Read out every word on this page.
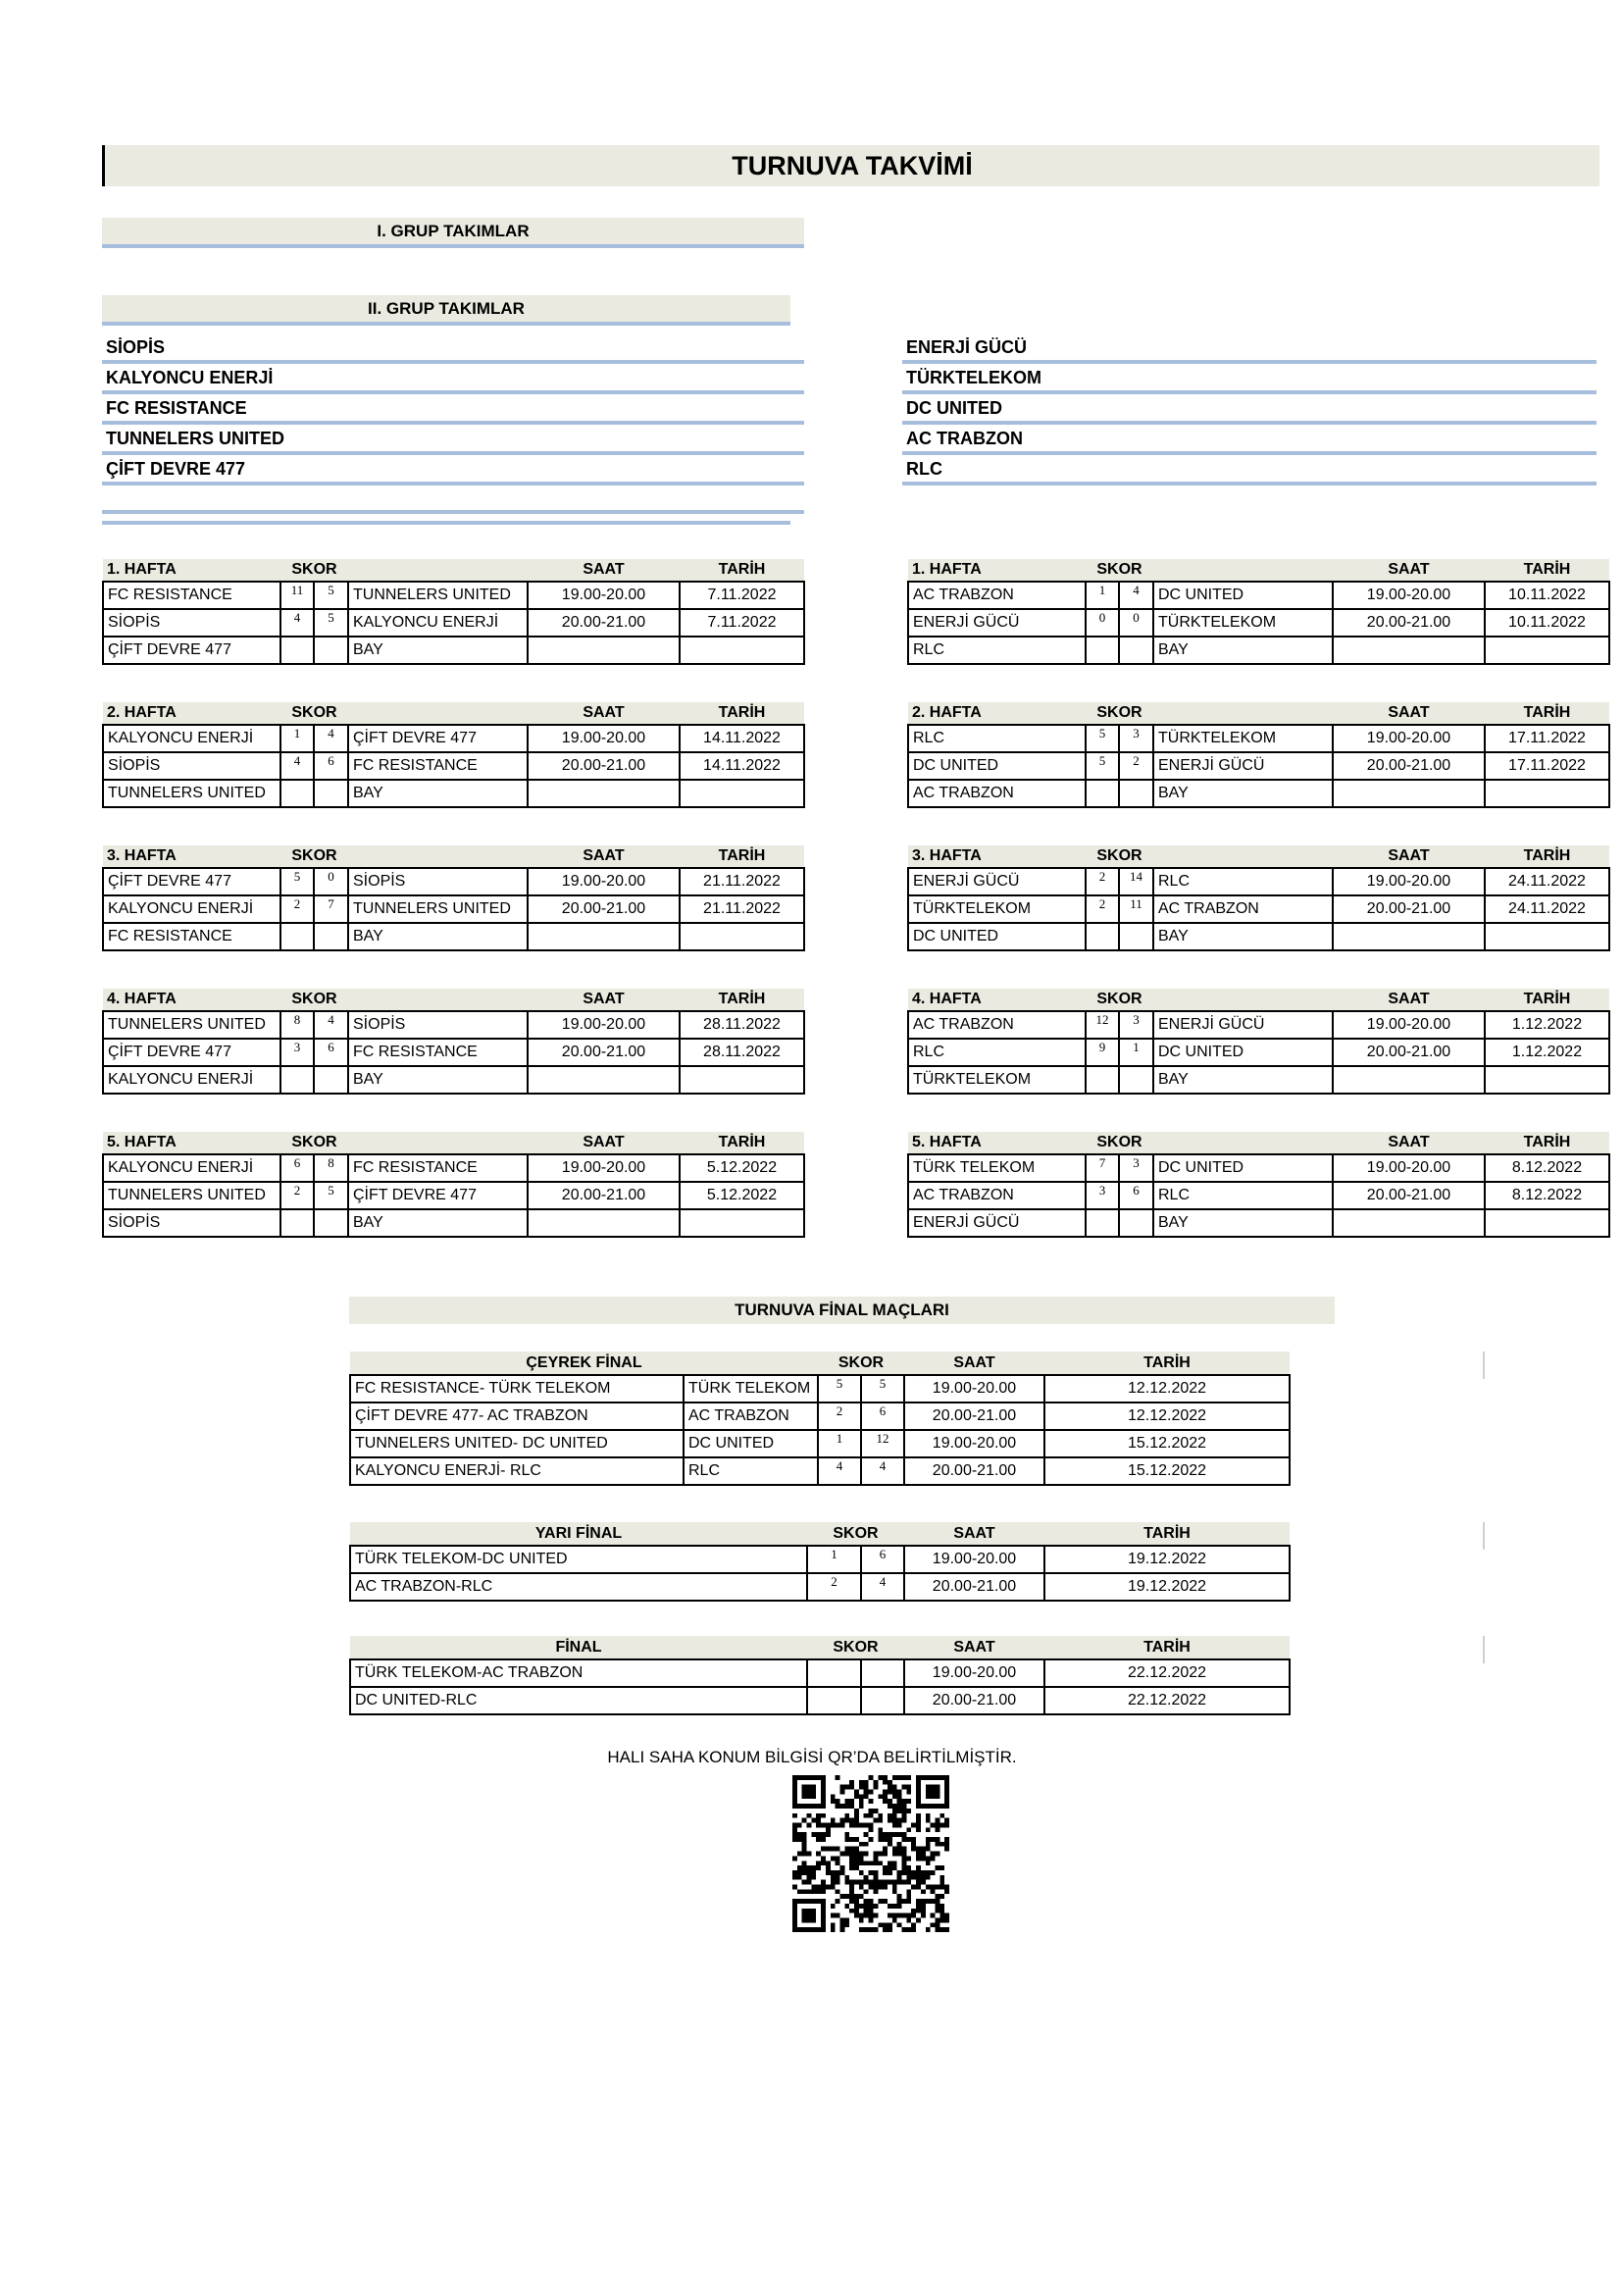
TURNUVA TAKVİMİ
I. GRUP TAKIMLAR
II. GRUP TAKIMLAR
SİOPİS
KALYONCU ENERJİ
FC RESISTANCE
TUNNELERS UNITED
ÇİFT DEVRE 477
ENERJİ GÜCÜ
TÜRKTELEKOM
DC UNITED
AC TRABZON
RLC
1. HAFTA	SKOR			SAAT	TARİH
FC RESISTANCE	11	5	TUNNELERS UNITED	19.00-20.00	7.11.2022
SİOPİS	4	5	KALYONCU ENERJİ	20.00-21.00	7.11.2022
ÇİFT DEVRE 477			BAY		
2. HAFTA	SKOR			SAAT	TARİH
KALYONCU ENERJİ	1	4	ÇİFT DEVRE 477	19.00-20.00	14.11.2022
SİOPİS	4	6	FC RESISTANCE	20.00-21.00	14.11.2022
TUNNELERS UNITED			BAY		
3. HAFTA	SKOR			SAAT	TARİH
ÇİFT DEVRE 477	5	0	SİOPİS	19.00-20.00	21.11.2022
KALYONCU ENERJİ	2	7	TUNNELERS UNITED	20.00-21.00	21.11.2022
FC RESISTANCE			BAY		
4. HAFTA	SKOR			SAAT	TARİH
TUNNELERS UNITED	8	4	SİOPİS	19.00-20.00	28.11.2022
ÇİFT DEVRE 477	3	6	FC RESISTANCE	20.00-21.00	28.11.2022
KALYONCU ENERJİ			BAY		
5. HAFTA	SKOR			SAAT	TARİH
KALYONCU ENERJİ	6	8	FC RESISTANCE	19.00-20.00	5.12.2022
TUNNELERS UNITED	2	5	ÇİFT DEVRE 477	20.00-21.00	5.12.2022
SİOPİS			BAY		
1. HAFTA	SKOR			SAAT	TARİH
AC TRABZON	1	4	DC UNITED	19.00-20.00	10.11.2022
ENERJİ GÜCÜ	0	0	TÜRKTELEKOM	20.00-21.00	10.11.2022
RLC			BAY		
2. HAFTA	SKOR			SAAT	TARİH
RLC	5	3	TÜRKTELEKOM	19.00-20.00	17.11.2022
DC UNITED	5	2	ENERJİ GÜCÜ	20.00-21.00	17.11.2022
AC TRABZON			BAY		
3. HAFTA	SKOR			SAAT	TARİH
ENERJİ GÜCÜ	2	14	RLC	19.00-20.00	24.11.2022
TÜRKTELEKOM	2	11	AC TRABZON	20.00-21.00	24.11.2022
DC UNITED			BAY		
4. HAFTA	SKOR			SAAT	TARİH
AC TRABZON	12	3	ENERJİ GÜCÜ	19.00-20.00	1.12.2022
RLC	9	1	DC UNITED	20.00-21.00	1.12.2022
TÜRKTELEKOM			BAY		
5. HAFTA	SKOR			SAAT	TARİH
TÜRK TELEKOM	7	3	DC UNITED	19.00-20.00	8.12.2022
AC TRABZON	3	6	RLC	20.00-21.00	8.12.2022
ENERJİ GÜCÜ			BAY		
TURNUVA FİNAL MAÇLARI
ÇEYREK FİNAL		SKOR		SAAT	TARİH
FC RESISTANCE- TÜRK TELEKOM	TÜRK TELEKOM	5	5	19.00-20.00	12.12.2022
ÇİFT DEVRE 477- AC TRABZON	AC TRABZON	2	6	20.00-21.00	12.12.2022
TUNNELERS UNITED- DC UNITED	DC UNITED	1	12	19.00-20.00	15.12.2022
KALYONCU ENERJİ- RLC	RLC	4	4	20.00-21.00	15.12.2022
YARI FİNAL	SKOR		SAAT	TARİH
TÜRK TELEKOM-DC UNITED	1	6	19.00-20.00	19.12.2022
AC TRABZON-RLC	2	4	20.00-21.00	19.12.2022
FİNAL	SKOR		SAAT	TARİH
TÜRK TELEKOM-AC TRABZON			19.00-20.00	22.12.2022
DC UNITED-RLC			20.00-21.00	22.12.2022
HALI SAHA KONUM BİLGİSİ QR’DA BELİRTİLMİŞTİR.
